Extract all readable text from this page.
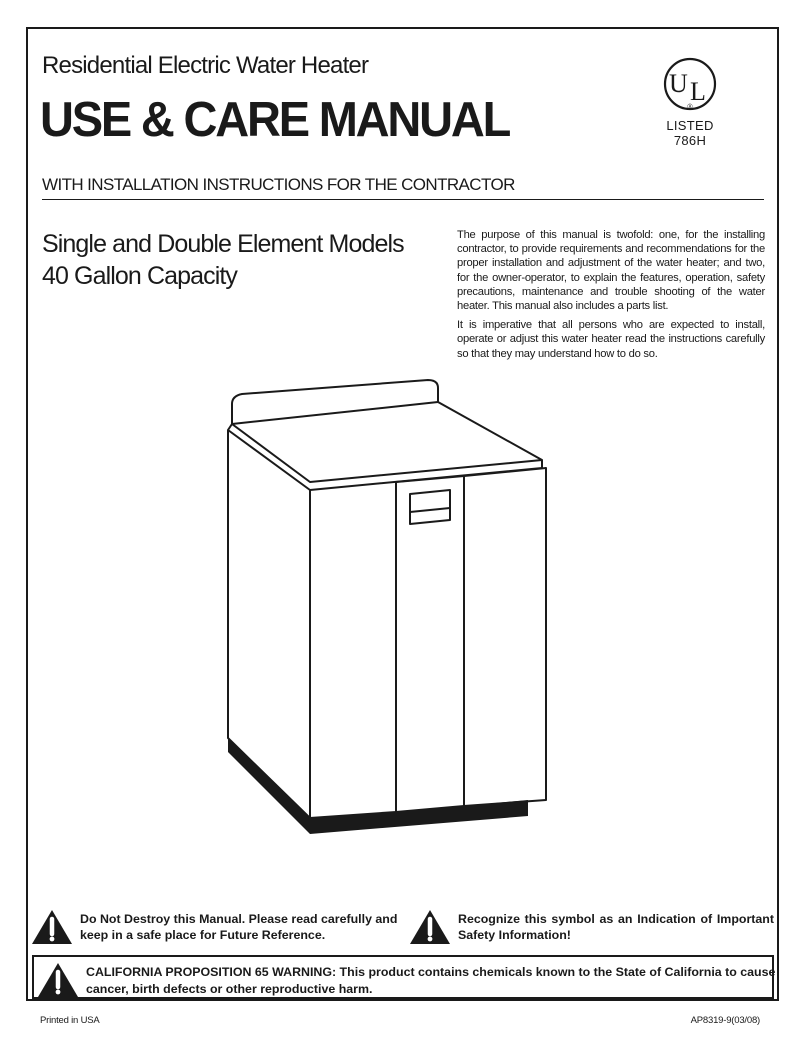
Residential Electric Water Heater
USE & CARE MANUAL
U L
®
LISTED
786H
WITH INSTALLATION INSTRUCTIONS FOR THE CONTRACTOR
Single and Double Element Models
40 Gallon Capacity

The purpose of this manual is twofold: one, for the installing contractor, to provide requirements and recommendations for the proper installation and adjustment of the water heater; and two, for the owner-operator, to explain the features, operation, safety precautions, maintenance and trouble shooting of the water heater. This manual also includes a parts list.

It is imperative that all persons who are expected to install, operate or adjust this water heater read the instructions carefully so that they may understand how to do so.

Do Not Destroy this Manual. Please read carefully and keep in a safe place for Future Reference.
Recognize this symbol as an Indication of Important Safety Information!
CALIFORNIA PROPOSITION 65 WARNING: This product contains chemicals known to the State of California to cause cancer, birth defects or other reproductive harm.
Printed in USA	AP8319-9(03/08)
